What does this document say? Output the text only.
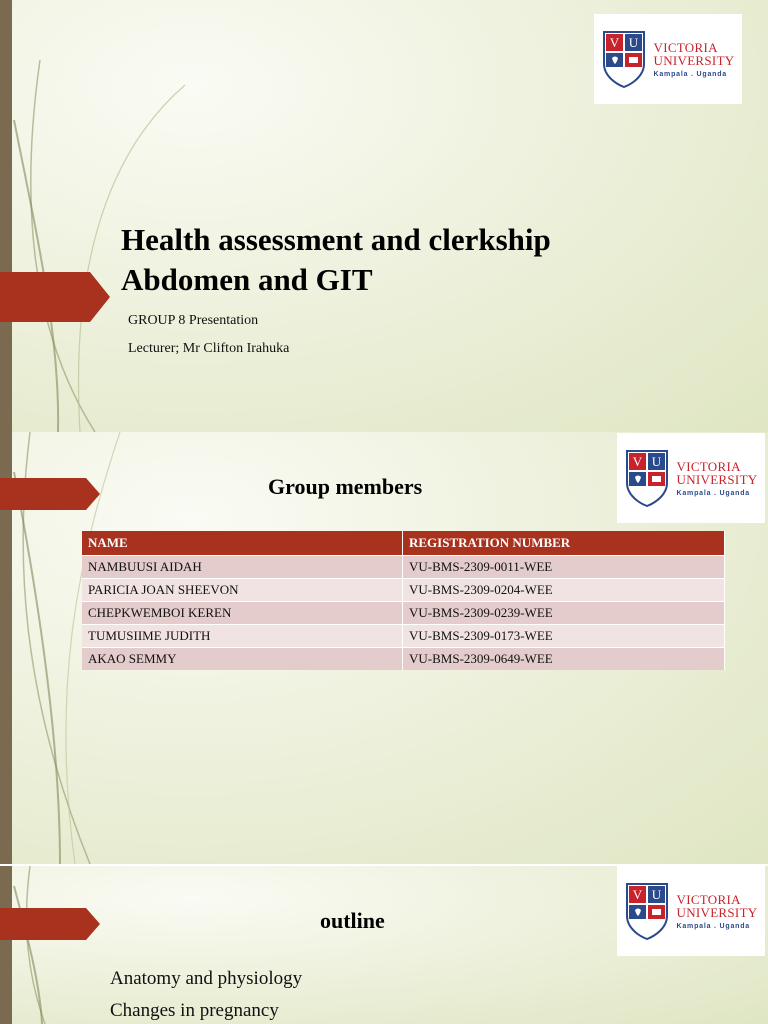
V U VICTORIA
UNIVERSITY
Kampala . Uganda
Health assessment and clerkship
Abdomen and GIT
GROUP 8 Presentation
Lecturer; Mr Clifton Irahuka
V U VICTORIA
UNIVERSITY
Kampala . Uganda
Group members
NAME	REGISTRATION NUMBER
NAMBUUSI AIDAH	VU-BMS-2309-0011-WEE
PARICIA JOAN SHEEVON	VU-BMS-2309-0204-WEE
CHEPKWEMBOI KEREN	VU-BMS-2309-0239-WEE
TUMUSIIME JUDITH	VU-BMS-2309-0173-WEE
AKAO SEMMY	VU-BMS-2309-0649-WEE
V U VICTORIA
UNIVERSITY
Kampala . Uganda
outline
Anatomy and physiology
Changes in pregnancy
